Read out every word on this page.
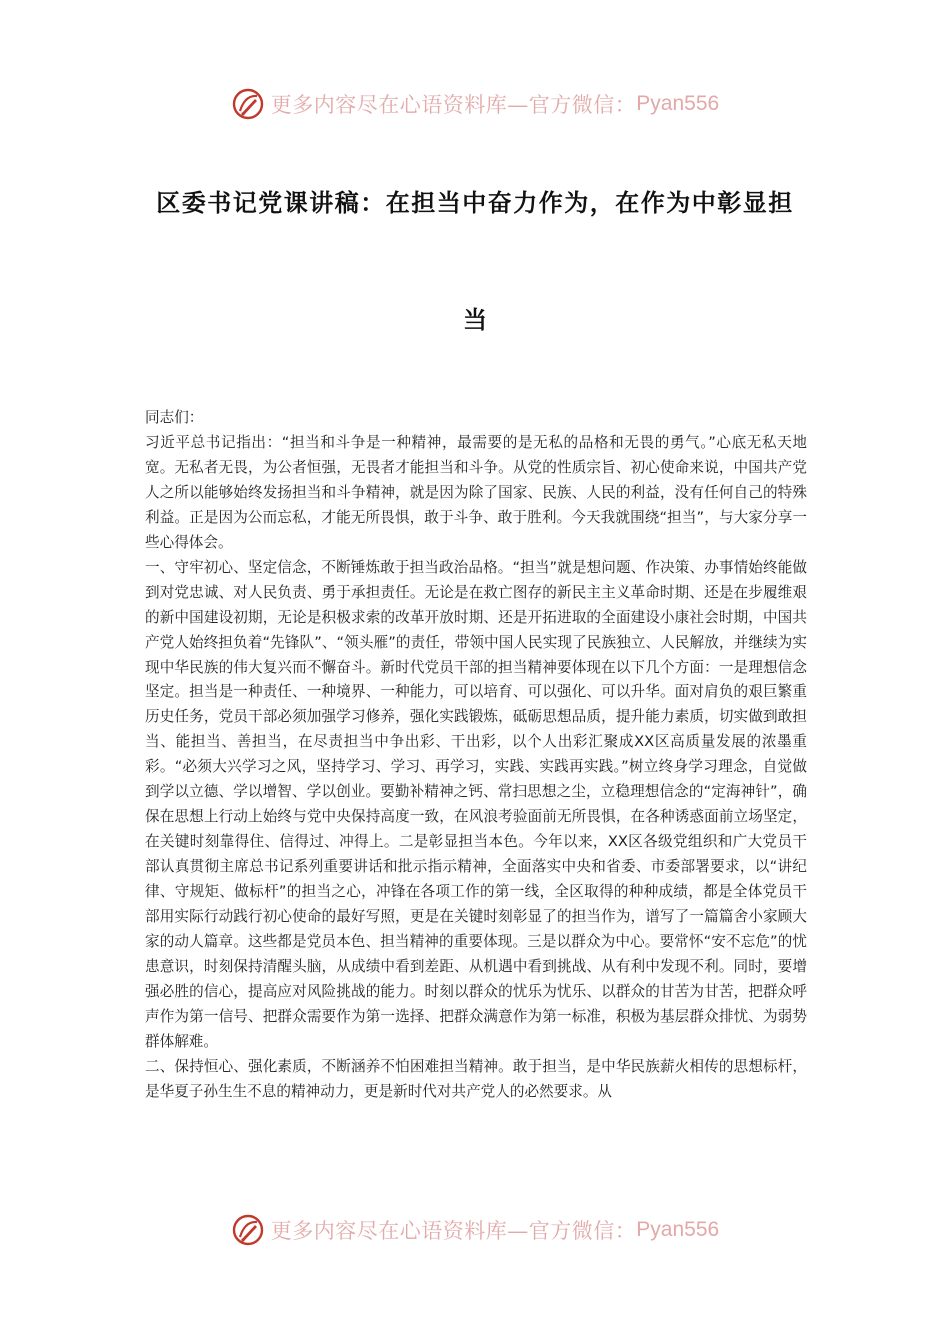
更多内容尽在心语资料库—官方微信： Pyan556
区委书记党课讲稿：在担当中奋力作为，在作为中彰显担
当

同志们：

习近平总书记指出：“担当和斗争是一种精神，最需要的是无私的品格和无畏的勇气。”心底无私天地宽。无私者无畏，为公者恒强，无畏者才能担当和斗争。从党的性质宗旨、初心使命来说，中国共产党人之所以能够始终发扬担当和斗争精神，就是因为除了国家、民族、人民的利益，没有任何自己的特殊利益。正是因为公而忘私，才能无所畏惧，敢于斗争、敢于胜利。今天我就围绕“担当”，与大家分享一些心得体会。

一、守牢初心、坚定信念，不断锤炼敢于担当政治品格。“担当”就是想问题、作决策、办事情始终能做到对党忠诚、对人民负责、勇于承担责任。无论是在救亡图存的新民主主义革命时期、还是在步履维艰的新中国建设初期，无论是积极求索的改革开放时期、还是开拓进取的全面建设小康社会时期，中国共产党人始终担负着“先锋队”、“领头雁”的责任，带领中国人民实现了民族独立、人民解放，并继续为实现中华民族的伟大复兴而不懈奋斗。新时代党员干部的担当精神要体现在以下几个方面：一是理想信念坚定。担当是一种责任、一种境界、一种能力，可以培育、可以强化、可以升华。面对肩负的艰巨繁重历史任务，党员干部必须加强学习修养，强化实践锻炼，砥砺思想品质，提升能力素质，切实做到敢担当、能担当、善担当，在尽责担当中争出彩、干出彩，以个人出彩汇聚成XX区高质量发展的浓墨重彩。“必须大兴学习之风，坚持学习、学习、再学习，实践、实践再实践。”树立终身学习理念，自觉做到学以立德、学以增智、学以创业。要勤补精神之钙、常扫思想之尘，立稳理想信念的“定海神针”，确保在思想上行动上始终与党中央保持高度一致，在风浪考验面前无所畏惧，在各种诱惑面前立场坚定，在关键时刻靠得住、信得过、冲得上。二是彰显担当本色。今年以来，XX区各级党组织和广大党员干部认真贯彻主席总书记系列重要讲话和批示指示精神，全面落实中央和省委、市委部署要求，以“讲纪律、守规矩、做标杆”的担当之心，冲锋在各项工作的第一线，全区取得的种种成绩，都是全体党员干部用实际行动践行初心使命的最好写照，更是在关键时刻彰显了的担当作为，谱写了一篇篇舍小家顾大家的动人篇章。这些都是党员本色、担当精神的重要体现。三是以群众为中心。要常怀“安不忘危”的忧患意识，时刻保持清醒头脑，从成绩中看到差距、从机遇中看到挑战、从有利中发现不利。同时，要增强必胜的信心，提高应对风险挑战的能力。时刻以群众的忧乐为忧乐、以群众的甘苦为甘苦，把群众呼声作为第一信号、把群众需要作为第一选择、把群众满意作为第一标准，积极为基层群众排忧、为弱势群体解难。

二、保持恒心、强化素质，不断涵养不怕困难担当精神。敢于担当，是中华民族薪火相传的思想标杆，是华夏子孙生生不息的精神动力，更是新时代对共产党人的必然要求。从

更多内容尽在心语资料库—官方微信： Pyan556
